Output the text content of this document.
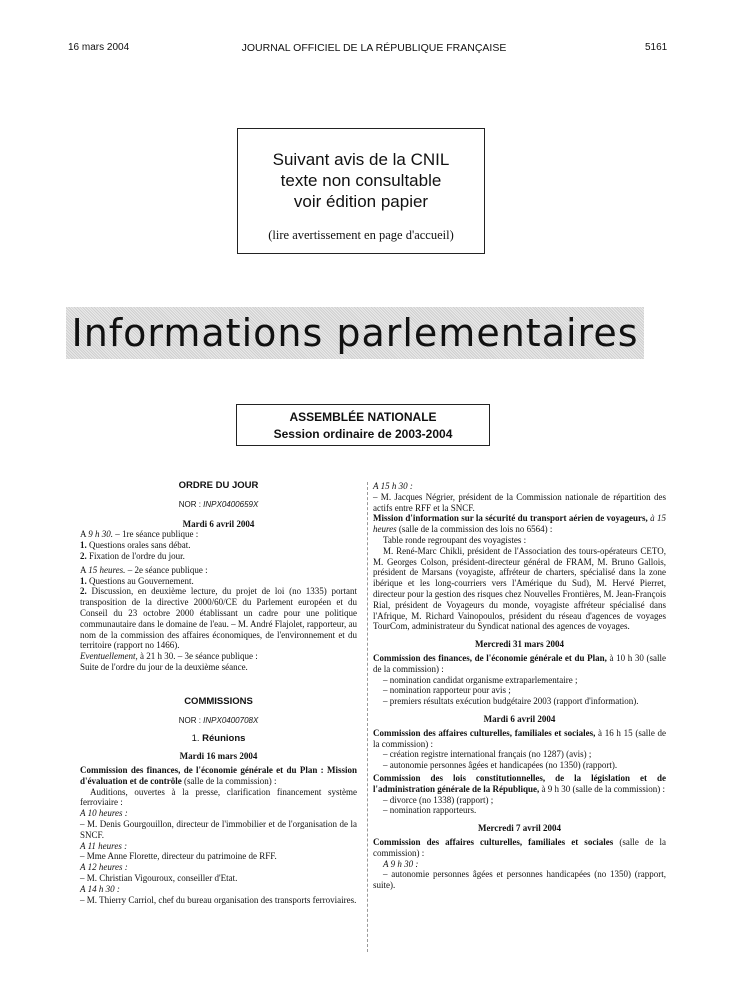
16 mars 2004	JOURNAL OFFICIEL DE LA RÉPUBLIQUE FRANÇAISE	5161
Suivant avis de la CNIL
texte non consultable
voir édition papier
(lire avertissement en page d'accueil)
Informations parlementaires
ASSEMBLÉE NATIONALE
Session ordinaire de 2003-2004

ORDRE DU JOUR

NOR : INPX0400659X

Mardi 6 avril 2004

A 9 h 30. – 1re séance publique :

1. Questions orales sans débat.

2. Fixation de l'ordre du jour.

A 15 heures. – 2e séance publique :

1. Questions au Gouvernement.

2. Discussion, en deuxième lecture, du projet de loi (no 1335) portant transposition de la directive 2000/60/CE du Parlement européen et du Conseil du 23 octobre 2000 établissant un cadre pour une politique communautaire dans le domaine de l'eau. – M. André Flajolet, rapporteur, au nom de la commission des affaires économiques, de l'environnement et du territoire (rapport no 1466).

Eventuellement, à 21 h 30. – 3e séance publique :

Suite de l'ordre du jour de la deuxième séance.

COMMISSIONS

NOR : INPX0400708X

1. Réunions

Mardi 16 mars 2004

Commission des finances, de l'économie générale et du Plan : Mission d'évaluation et de contrôle (salle de la commission) :

Auditions, ouvertes à la presse, clarification financement système ferroviaire :

A 10 heures :

– M. Denis Gourgouillon, directeur de l'immobilier et de l'organisation de la SNCF.

A 11 heures :

– Mme Anne Florette, directeur du patrimoine de RFF.

A 12 heures :

– M. Christian Vigouroux, conseiller d'Etat.

A 14 h 30 :

– M. Thierry Carriol, chef du bureau organisation des transports ferroviaires.

A 15 h 30 :

– M. Jacques Négrier, président de la Commission nationale de répartition des actifs entre RFF et la SNCF.

Mission d'information sur la sécurité du transport aérien de voyageurs, à 15 heures (salle de la commission des lois no 6564) :

Table ronde regroupant des voyagistes :

M. René-Marc Chikli, président de l'Association des tours-opérateurs CETO, M. Georges Colson, président-directeur général de FRAM, M. Bruno Gallois, président de Marsans (voyagiste, affréteur de charters, spécialisé dans la zone ibérique et les long-courriers vers l'Amérique du Sud), M. Hervé Pierret, directeur pour la gestion des risques chez Nouvelles Frontières, M. Jean-François Rial, président de Voyageurs du monde, voyagiste affréteur spécialisé dans l'Afrique, M. Richard Vainopoulos, président du réseau d'agences de voyages TourCom, administrateur du Syndicat national des agences de voyages.

Mercredi 31 mars 2004

Commission des finances, de l'économie générale et du Plan, à 10 h 30 (salle de la commission) :

– nomination candidat organisme extraparlementaire ;

– nomination rapporteur pour avis ;

– premiers résultats exécution budgétaire 2003 (rapport d'information).

Mardi 6 avril 2004

Commission des affaires culturelles, familiales et sociales, à 16 h 15 (salle de la commission) :

– création registre international français (no 1287) (avis) ;

– autonomie personnes âgées et handicapées (no 1350) (rapport).

Commission des lois constitutionnelles, de la législation et de l'administration générale de la République, à 9 h 30 (salle de la commission) :

– divorce (no 1338) (rapport) ;

– nomination rapporteurs.

Mercredi 7 avril 2004

Commission des affaires culturelles, familiales et sociales (salle de la commission) :

A 9 h 30 :

– autonomie personnes âgées et personnes handicapées (no 1350) (rapport, suite).
